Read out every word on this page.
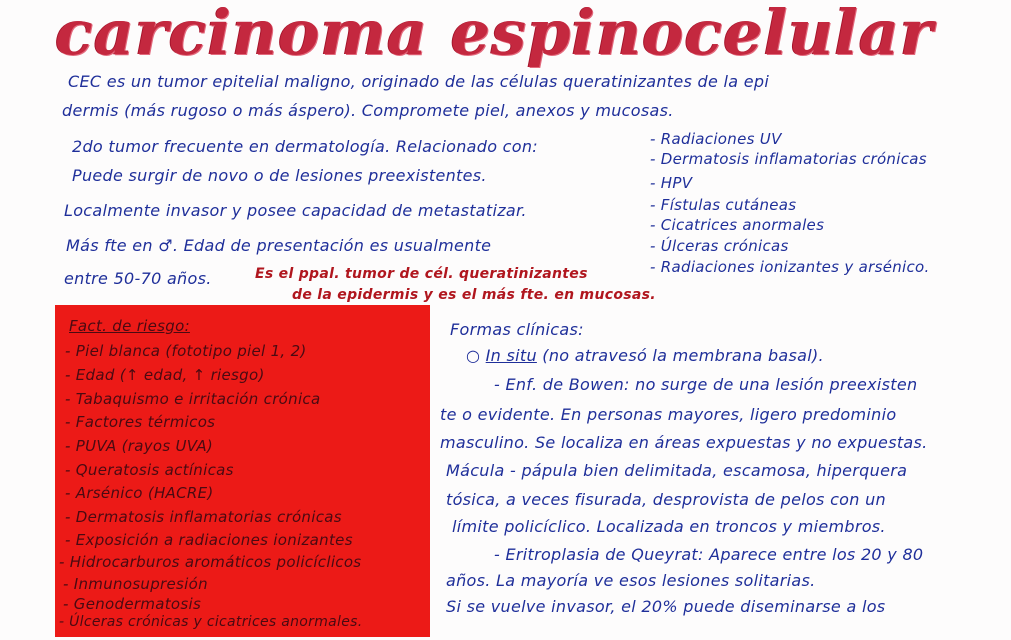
carcinoma espinocelular
CEC es un tumor epitelial maligno, originado de las células queratinizantes de la epi
dermis (más rugoso o más áspero). Compromete piel, anexos y mucosas.
2do tumor frecuente en dermatología. Relacionado con:
Puede surgir de novo o de lesiones preexistentes.
Localmente invasor y posee capacidad de metastatizar.
Más fte en ♂. Edad de presentación es usualmente
entre 50-70 años.	Es el ppal. tumor de cél. queratinizantes
de la epidermis y es el más fte. en mucosas.
- Radiaciones UV
- Dermatosis inflamatorias crónicas
- HPV
- Fístulas cutáneas
- Cicatrices anormales
- Úlceras crónicas
- Radiaciones ionizantes y arsénico.
Fact. de riesgo:
- Piel blanca (fototipo piel 1, 2)
- Edad (↑ edad, ↑ riesgo)
- Tabaquismo e irritación crónica
- Factores térmicos
- PUVA (rayos UVA)
- Queratosis actínicas
- Arsénico (HACRE)
- Dermatosis inflamatorias crónicas
- Exposición a radiaciones ionizantes
- Hidrocarburos aromáticos policíclicos
- Inmunosupresión
- Genodermatosis
- Úlceras crónicas y cicatrices anormales.
Formas clínicas:
○ In situ (no atravesó la membrana basal).
- Enf. de Bowen: no surge de una lesión preexisten
te o evidente. En personas mayores, ligero predominio
masculino. Se localiza en áreas expuestas y no expuestas.
Mácula - pápula bien delimitada, escamosa, hiperquera
tósica, a veces fisurada, desprovista de pelos con un
límite policíclico. Localizada en troncos y miembros.
- Eritroplasia de Queyrat: Aparece entre los 20 y 80
años. La mayoría ve esos lesiones solitarias.
Si se vuelve invasor, el 20% puede diseminarse a los
